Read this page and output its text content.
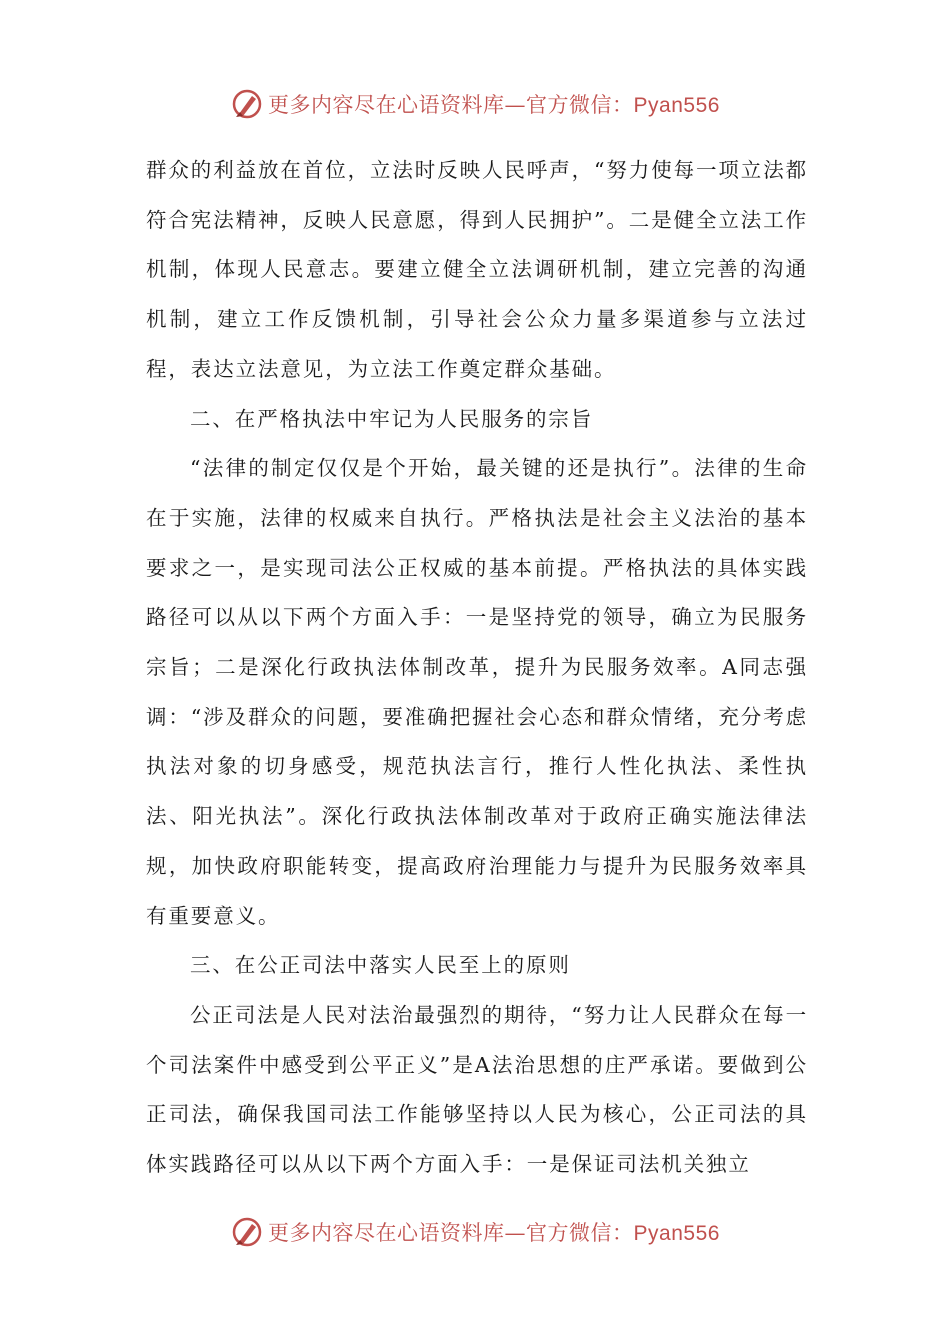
更多内容尽在心语资料库—官方微信：Pyan556

群众的利益放在首位，立法时反映人民呼声，“努力使每一项立法都符合宪法精神，反映人民意愿，得到人民拥护”。二是健全立法工作机制，体现人民意志。要建立健全立法调研机制，建立完善的沟通机制，建立工作反馈机制，引导社会公众力量多渠道参与立法过程，表达立法意见，为立法工作奠定群众基础。

二、在严格执法中牢记为人民服务的宗旨

“法律的制定仅仅是个开始，最关键的还是执行”。法律的生命在于实施，法律的权威来自执行。严格执法是社会主义法治的基本要求之一，是实现司法公正权威的基本前提。严格执法的具体实践路径可以从以下两个方面入手：一是坚持党的领导，确立为民服务宗旨；二是深化行政执法体制改革，提升为民服务效率。A同志强调：“涉及群众的问题，要准确把握社会心态和群众情绪，充分考虑执法对象的切身感受，规范执法言行，推行人性化执法、柔性执法、阳光执法”。深化行政执法体制改革对于政府正确实施法律法规，加快政府职能转变，提高政府治理能力与提升为民服务效率具有重要意义。

三、在公正司法中落实人民至上的原则

公正司法是人民对法治最强烈的期待，“努力让人民群众在每一个司法案件中感受到公平正义”是A法治思想的庄严承诺。要做到公正司法，确保我国司法工作能够坚持以人民为核心，公正司法的具体实践路径可以从以下两个方面入手：一是保证司法机关独立

更多内容尽在心语资料库—官方微信：Pyan556
